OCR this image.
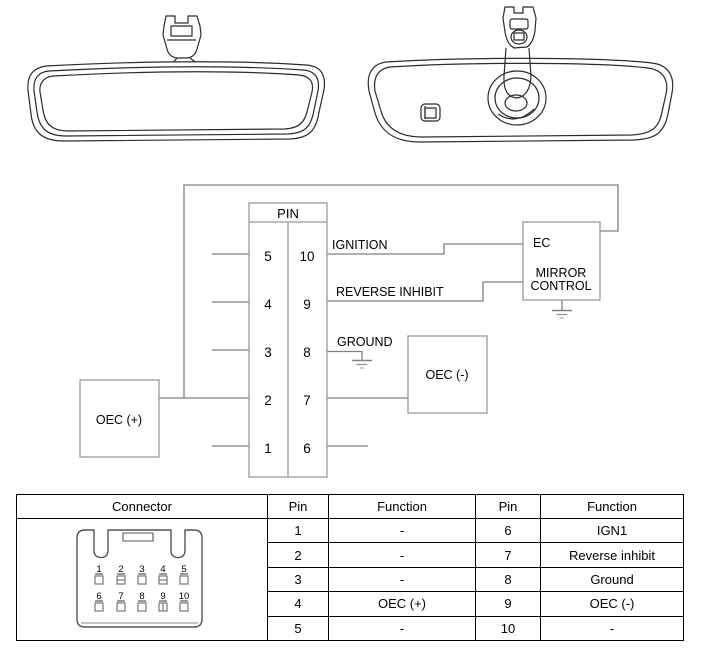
PIN
5
4
3
2
1
10
9
8
7
6
IGNITION
REVERSE INHIBIT
GROUND
EC
MIRROR
CONTROL
OEC (+)
OEC (-)
Connector	Pin	Function	Pin	Function

1 2 3 4 5
6 7 8 9 10
	1	-	6	IGN1
	2	-	7	Reverse inhibit
	3	-	8	Ground
	4	OEC (+)	9	OEC (-)
	5	-	10	-
